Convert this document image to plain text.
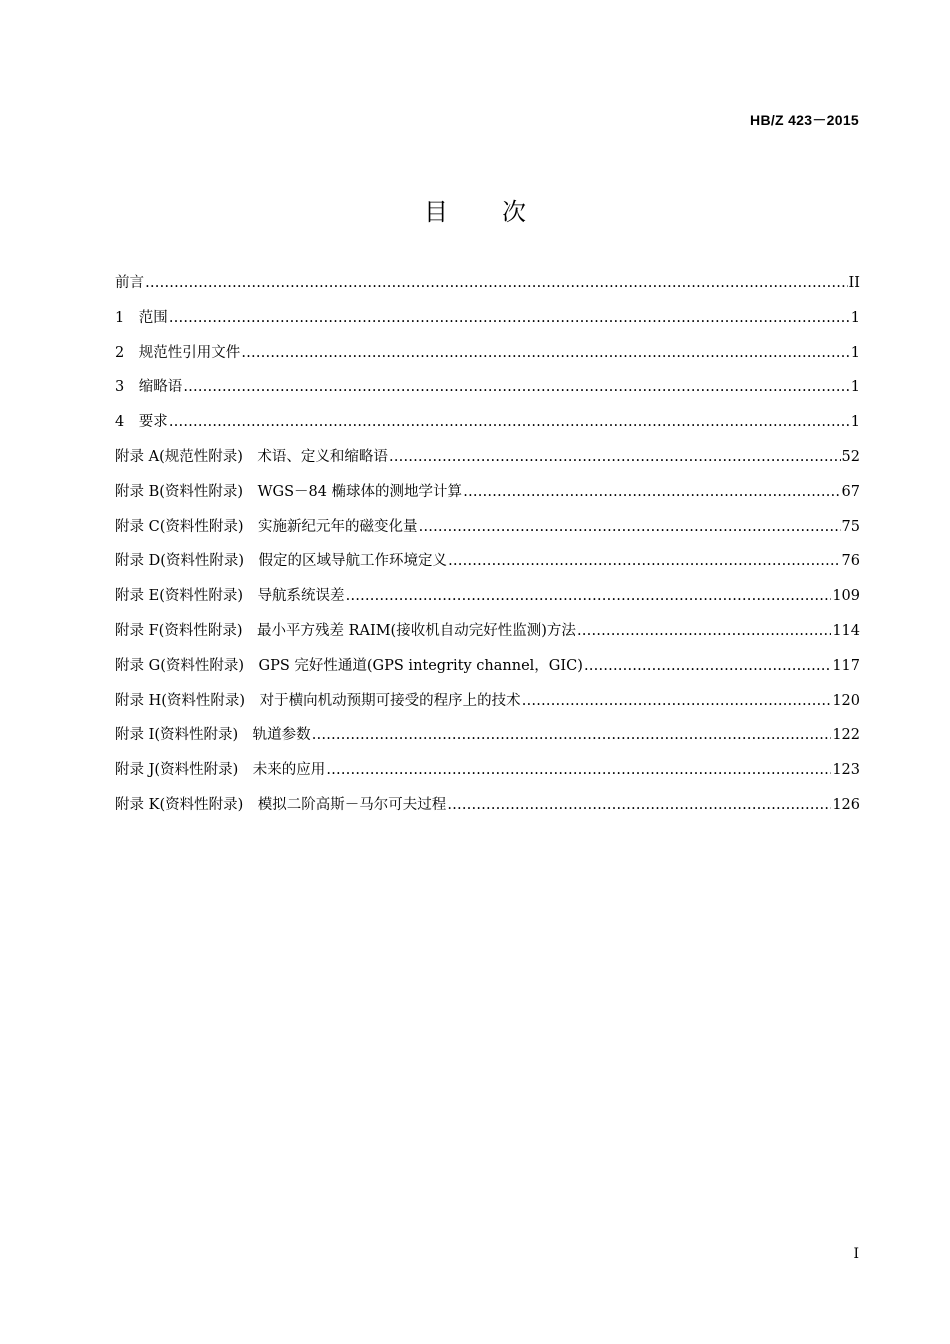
HB/Z 423－2015
目次
前言 ………………………………………………………………………………………………………………………………………………………………………………………………………………………………………………	II
1　范围 ………………………………………………………………………………………………………………………………………………………………………………………………………………………………………………	1
2　规范性引用文件 ………………………………………………………………………………………………………………………………………………………………………………………………………………………………………………	1
3　缩略语 ………………………………………………………………………………………………………………………………………………………………………………………………………………………………………………	1
4　要求 ………………………………………………………………………………………………………………………………………………………………………………………………………………………………………………	1
附录 A(规范性附录)　术语、定义和缩略语 ………………………………………………………………………………………………………………………………………………………………………………………………………………………………………………	52
附录 B(资料性附录)　WGS－84 椭球体的测地学计算 ………………………………………………………………………………………………………………………………………………………………………………………………………………………………………………	67
附录 C(资料性附录)　实施新纪元年的磁变化量 ………………………………………………………………………………………………………………………………………………………………………………………………………………………………………………	75
附录 D(资料性附录)　假定的区域导航工作环境定义 ………………………………………………………………………………………………………………………………………………………………………………………………………………………………………………	76
附录 E(资料性附录)　导航系统误差 ………………………………………………………………………………………………………………………………………………………………………………………………………………………………………………	109
附录 F(资料性附录)　最小平方残差 RAIM(接收机自动完好性监测)方法 ………………………………………………………………………………………………………………………………………………………………………………………………………………………………………………	114
附录 G(资料性附录)　GPS 完好性通道(GPS integrity channel，GIC) ………………………………………………………………………………………………………………………………………………………………………………………………………………………………………………	117
附录 H(资料性附录)　对于横向机动预期可接受的程序上的技术 ………………………………………………………………………………………………………………………………………………………………………………………………………………………………………………	120
附录 I(资料性附录)　轨道参数 ………………………………………………………………………………………………………………………………………………………………………………………………………………………………………………	122
附录 J(资料性附录)　未来的应用 ………………………………………………………………………………………………………………………………………………………………………………………………………………………………………………	123
附录 K(资料性附录)　模拟二阶高斯－马尔可夫过程 ………………………………………………………………………………………………………………………………………………………………………………………………………………………………………………	126
I
